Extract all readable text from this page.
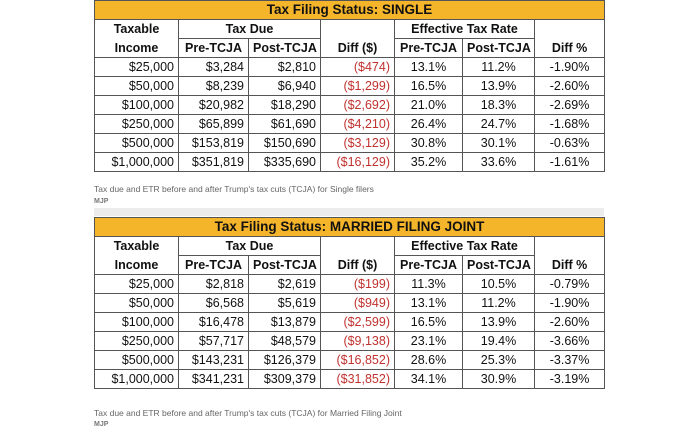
Tax Filing Status: SINGLE						
Taxable	Tax Due			Effective Tax Rate		
Income	Pre-TCJA	Post-TCJA	Diff ($)	Pre-TCJA	Post-TCJA	Diff %
$25,000	$3,284	$2,810	($474)	13.1%	11.2%	-1.90%
$50,000	$8,239	$6,940	($1,299)	16.5%	13.9%	-2.60%
$100,000	$20,982	$18,290	($2,692)	21.0%	18.3%	-2.69%
$250,000	$65,899	$61,690	($4,210)	26.4%	24.7%	-1.68%
$500,000	$153,819	$150,690	($3,129)	30.8%	30.1%	-0.63%
$1,000,000	$351,819	$335,690	($16,129)	35.2%	33.6%	-1.61%
Tax due and ETR before and after Trump's tax cuts (TCJA) for Single filers
MJP
Tax Filing Status: MARRIED FILING JOINT						
Taxable	Tax Due			Effective Tax Rate		
Income	Pre-TCJA	Post-TCJA	Diff ($)	Pre-TCJA	Post-TCJA	Diff %
$25,000	$2,818	$2,619	($199)	11.3%	10.5%	-0.79%
$50,000	$6,568	$5,619	($949)	13.1%	11.2%	-1.90%
$100,000	$16,478	$13,879	($2,599)	16.5%	13.9%	-2.60%
$250,000	$57,717	$48,579	($9,138)	23.1%	19.4%	-3.66%
$500,000	$143,231	$126,379	($16,852)	28.6%	25.3%	-3.37%
$1,000,000	$341,231	$309,379	($31,852)	34.1%	30.9%	-3.19%
Tax due and ETR before and after Trump's tax cuts (TCJA) for Married Filing Joint
MJP
